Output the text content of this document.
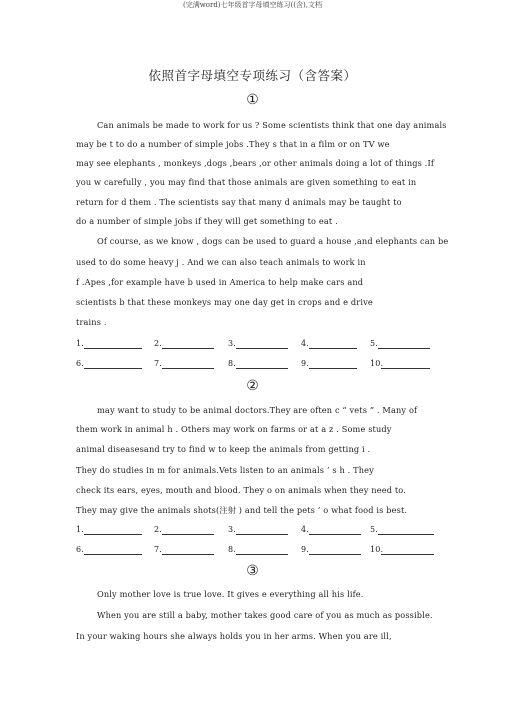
(完满word)七年级首字母填空练习((含),文档
依照首字母填空专项练习（含答案）
①
Can animals be made to work for us ? Some scientists think that one day animals
may be t to do a number of simple jobs .They s that in a film or on TV we
may see elephants , monkeys ,dogs ,bears ,or other animals doing a lot of things .If
you w carefully , you may find that those animals are given something to eat in
return for d them . The scientists say that many d animals may be taught to
do a number of simple jobs if they will get something to eat .
Of course, as we know , dogs can be used to guard a house ,and elephants can be
used to do some heavy j . And we can also teach animals to work in
f .Apes ,for example have b used in America to help make cars and
scientists b that these monkeys may one day get in crops and e drive
trains .
1.	2.	3.	4.	5.
6.	7.	8.	9.	10.
②
may want to study to be animal doctors.They are often c “ vets ” . Many of
them work in animal h . Others may work on farms or at a z . Some study
animal diseasesand try to find w to keep the animals from getting i .
They do studies in m for animals.Vets listen to an animals ’ s h . They
check its ears, eyes, mouth and blood. They o on animals when they need to.
They may give the animals shots(注射 ) and tell the pets ’ o what food is best.
1.	2.	3.	4.	5.
6.	7.	8.	9.	10.
③
Only mother love is true love. It gives e everything all his life.
When you are still a baby, mother takes good care of you as much as possible.
In your waking hours she always holds you in her arms. When you are ill,
